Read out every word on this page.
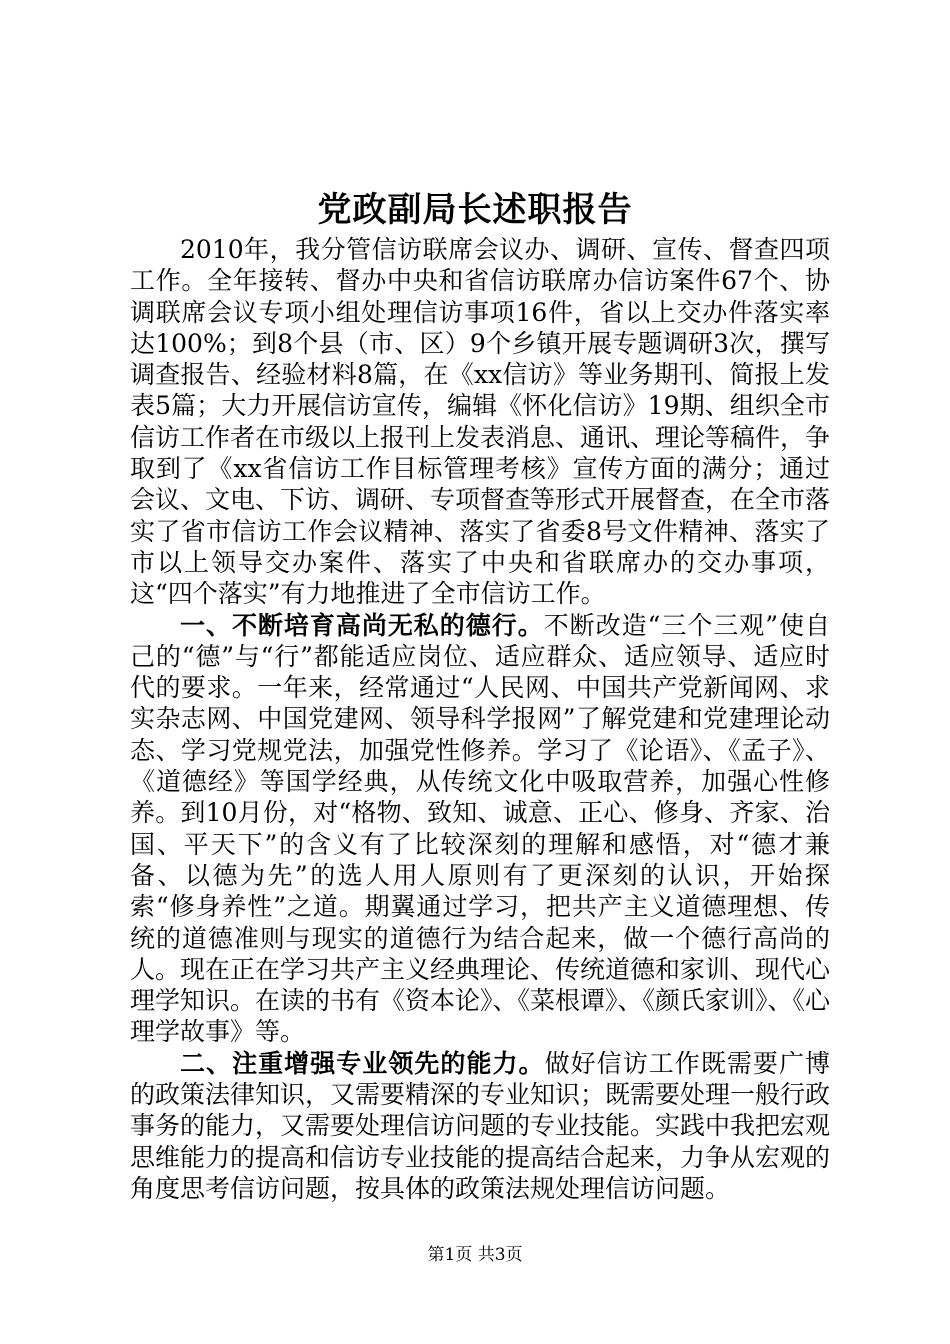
党政副局长述职报告

2010年，我分管信访联席会议办、调研、宣传、督查四项工作。全年接转、督办中央和省信访联席办信访案件67个、协调联席会议专项小组处理信访事项16件，省以上交办件落实率达100%；到8个县（市、区）9个乡镇开展专题调研3次，撰写调查报告、经验材料8篇，在《xx信访》等业务期刊、简报上发表5篇；大力开展信访宣传，编辑《怀化信访》19期、组织全市信访工作者在市级以上报刊上发表消息、通讯、理论等稿件，争取到了《xx省信访工作目标管理考核》宣传方面的满分；通过会议、文电、下访、调研、专项督查等形式开展督查，在全市落实了省市信访工作会议精神、落实了省委8号文件精神、落实了市以上领导交办案件、落实了中央和省联席办的交办事项，这“四个落实”有力地推进了全市信访工作。

一、不断培育高尚无私的德行。不断改造“三个三观”使自己的“德”与“行”都能适应岗位、适应群众、适应领导、适应时代的要求。一年来，经常通过“人民网、中国共产党新闻网、求实杂志网、中国党建网、领导科学报网”了解党建和党建理论动态、学习党规党法，加强党性修养。学习了《论语》、《孟子》、《道德经》等国学经典，从传统文化中吸取营养，加强心性修养。到10月份，对“格物、致知、诚意、正心、修身、齐家、治国、平天下”的含义有了比较深刻的理解和感悟，对“德才兼备、以德为先”的选人用人原则有了更深刻的认识，开始探索“修身养性”之道。期翼通过学习，把共产主义道德理想、传统的道德准则与现实的道德行为结合起来，做一个德行高尚的人。现在正在学习共产主义经典理论、传统道德和家训、现代心理学知识。在读的书有《资本论》、《菜根谭》、《颜氏家训》、《心理学故事》等。

二、注重增强专业领先的能力。做好信访工作既需要广博的政策法律知识，又需要精深的专业知识；既需要处理一般行政事务的能力，又需要处理信访问题的专业技能。实践中我把宏观思维能力的提高和信访专业技能的提高结合起来，力争从宏观的角度思考信访问题，按具体的政策法规处理信访问题。

第1页 共3页
